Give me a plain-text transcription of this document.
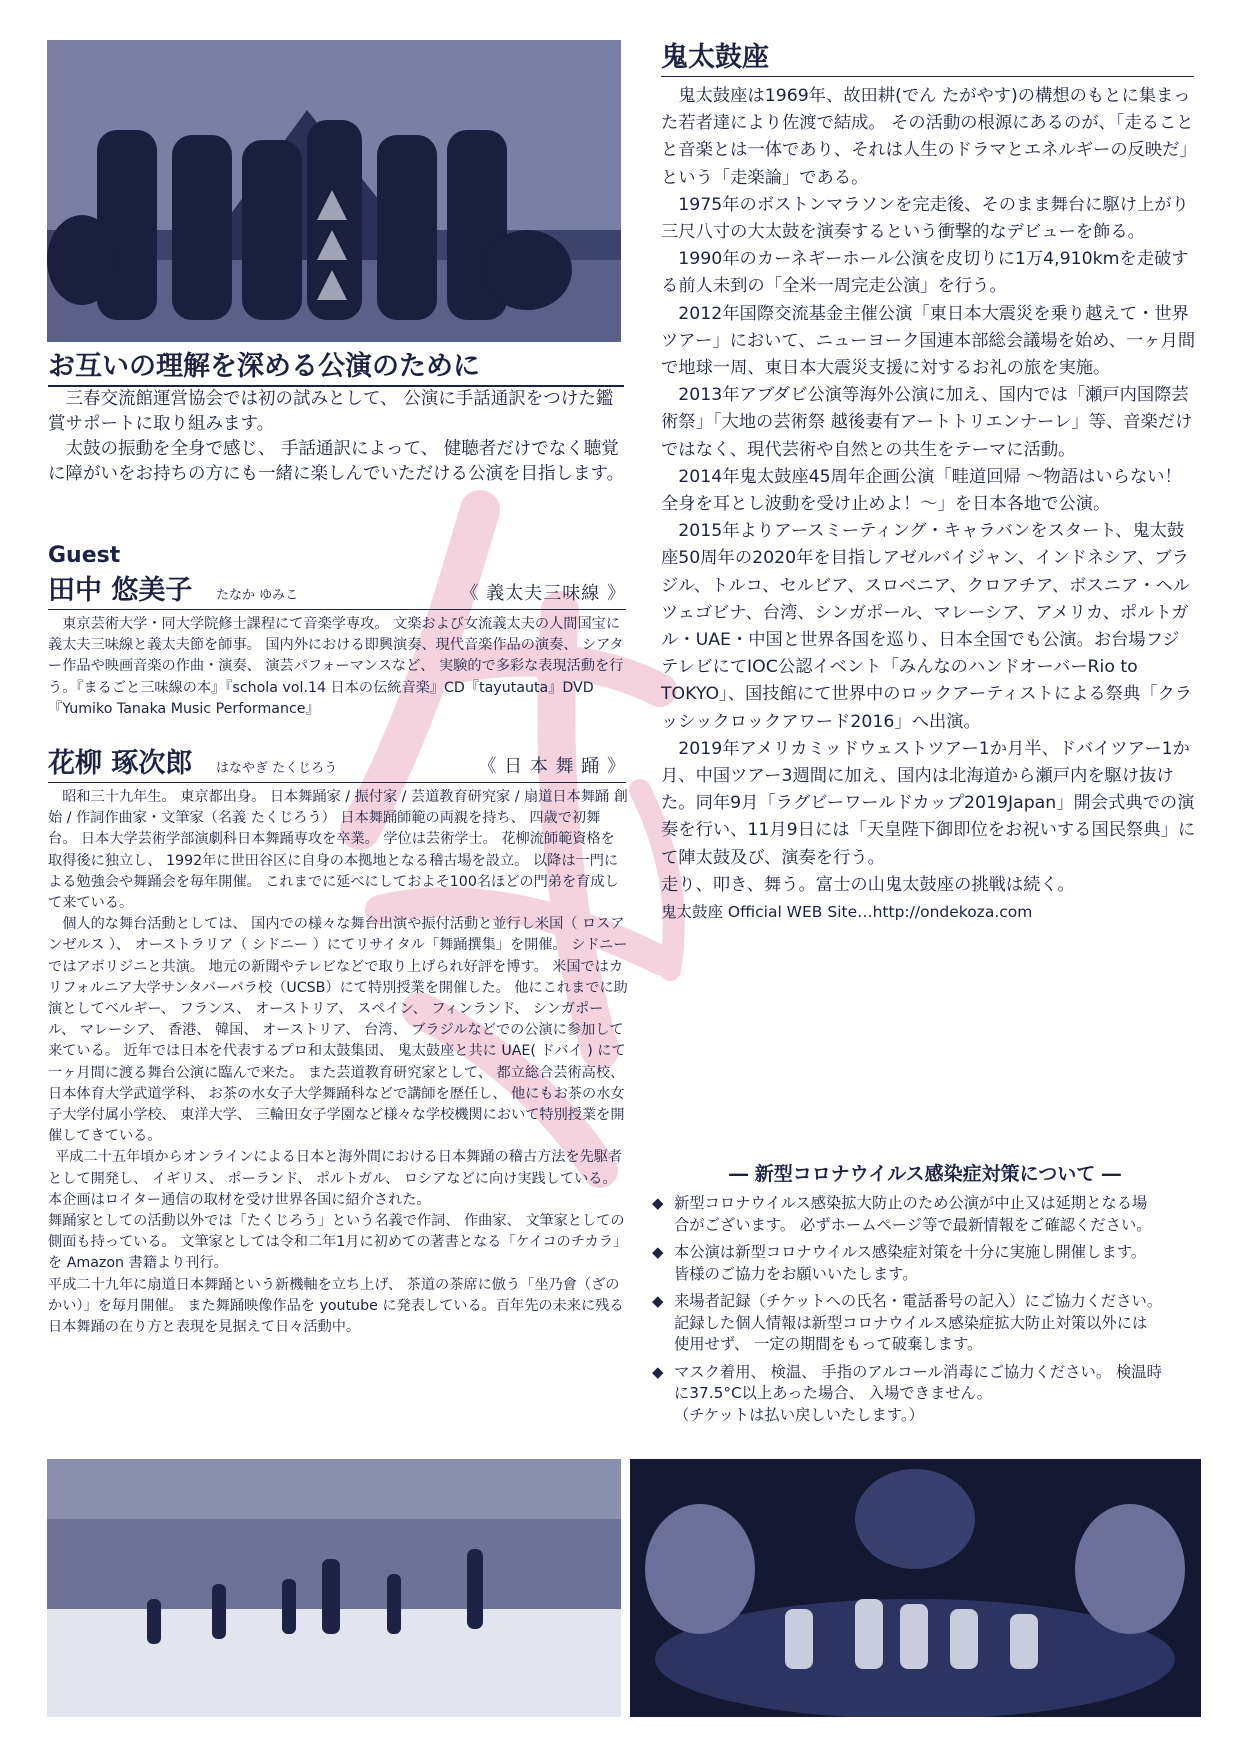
お互いの理解を深める公演のために

三春交流館運営協会では初の試みとして、 公演に手話通訳をつけた鑑賞サポートに取り組みます。

太鼓の振動を全身で感じ、 手話通訳によって、 健聴者だけでなく聴覚に障がいをお持ちの方にも一緒に楽しんでいただける公演を目指します。

Guest
田中 悠美子 たなか ゆみこ	《 義太夫三味線 》

東京芸術大学・同大学院修士課程にて音楽学専攻。 文楽および女流義太夫の人間国宝に義太夫三味線と義太夫節を師事。 国内外における即興演奏、現代音楽作品の演奏、 シアター作品や映画音楽の作曲・演奏、 演芸パフォーマンスなど、 実験的で多彩な表現活動を行う。『まるごと三味線の本』『schola vol.14 日本の伝統音楽』CD『tayutauta』DVD『Yumiko Tanaka Music Performance』

花柳 琢次郎 はなやぎ たくじろう	《 日 本 舞 踊 》

昭和三十九年生。 東京都出身。 日本舞踊家 / 振付家 / 芸道教育研究家 / 扇道日本舞踊 創始 / 作詞作曲家・文筆家（名義 たくじろう） 日本舞踊師範の両親を持ち、 四歳で初舞台。 日本大学芸術学部演劇科日本舞踊専攻を卒業。 学位は芸術学士。 花柳流師範資格を取得後に独立し、 1992年に世田谷区に自身の本拠地となる稽古場を設立。 以降は一門による勉強会や舞踊会を毎年開催。 これまでに延べにしておよそ100名ほどの門弟を育成して来ている。

個人的な舞台活動としては、 国内での様々な舞台出演や振付活動と並行し米国（ ロスアンゼルス ）、 オーストラリア（ シドニー ）にてリサイタル「舞踊撰集」を開催。 シドニーではアボリジニと共演。 地元の新聞やテレビなどで取り上げられ好評を博す。 米国ではカリフォルニア大学サンタバーバラ校（UCSB）にて特別授業を開催した。 他にこれまでに助演としてベルギー、 フランス、 オーストリア、 スペイン、 フィンランド、 シンガポール、 マレーシア、 香港、 韓国、 オーストリア、 台湾、 ブラジルなどでの公演に参加して来ている。 近年では日本を代表するプロ和太鼓集団、 鬼太鼓座と共に UAE( ドバイ ) にて一ヶ月間に渡る舞台公演に臨んで来た。 また芸道教育研究家として、 都立総合芸術高校、 日本体育大学武道学科、 お茶の水女子大学舞踊科などで講師を歴任し、 他にもお茶の水女子大学付属小学校、 東洋大学、 三輪田女子学園など様々な学校機関において特別授業を開催してきている。

平成二十五年頃からオンラインによる日本と海外間における日本舞踊の稽古方法を先駆者として開発し、 イギリス、 ポーランド、 ポルトガル、 ロシアなどに向け実践している。 本企画はロイター通信の取材を受け世界各国に紹介された。

舞踊家としての活動以外では「たくじろう」という名義で作詞、 作曲家、 文筆家としての側面も持っている。 文筆家としては令和二年1月に初めての著書となる「ケイコのチカラ」を Amazon 書籍より刊行。

平成二十九年に扇道日本舞踊という新機軸を立ち上げ、 茶道の茶席に倣う「坐乃會（ざのかい）」を毎月開催。 また舞踊映像作品を youtube に発表している。百年先の未来に残る日本舞踊の在り方と表現を見据えて日々活動中。

鬼太鼓座

鬼太鼓座は1969年、故田耕(でん たがやす)の構想のもとに集まった若者達により佐渡で結成。 その活動の根源にあるのが、「走ることと音楽とは一体であり、それは人生のドラマとエネルギーの反映だ」という「走楽論」である。

1975年のボストンマラソンを完走後、そのまま舞台に駆け上がり三尺八寸の大太鼓を演奏するという衝撃的なデビューを飾る。

1990年のカーネギーホール公演を皮切りに1万4,910kmを走破する前人未到の「全米一周完走公演」を行う。

2012年国際交流基金主催公演「東日本大震災を乗り越えて・世界ツアー」において、ニューヨーク国連本部総会議場を始め、一ヶ月間で地球一周、東日本大震災支援に対するお礼の旅を実施。

2013年アブダビ公演等海外公演に加え、国内では「瀬戸内国際芸術祭」「大地の芸術祭 越後妻有アートトリエンナーレ」等、音楽だけではなく、現代芸術や自然との共生をテーマに活動。

2014年鬼太鼓座45周年企画公演「畦道回帰 ～物語はいらない！全身を耳とし波動を受け止めよ！～」を日本各地で公演。

2015年よりアースミーティング・キャラバンをスタート、鬼太鼓座50周年の2020年を目指しアゼルバイジャン、インドネシア、ブラジル、トルコ、セルビア、スロベニア、クロアチア、ボスニア・ヘルツェゴビナ、台湾、シンガポール、マレーシア、アメリカ、ポルトガル・UAE・中国と世界各国を巡り、日本全国でも公演。お台場フジテレビにてIOC公認イベント「みんなのハンドオーバーRio to TOKYO」、国技館にて世界中のロックアーティストによる祭典「クラッシックロックアワード2016」へ出演。

2019年アメリカミッドウェストツアー1か月半、ドバイツアー1か月、中国ツアー3週間に加え、国内は北海道から瀬戸内を駆け抜けた。同年9月「ラグビーワールドカップ2019Japan」開会式典での演奏を行い、11月9日には「天皇陛下御即位をお祝いする国民祭典」にて陣太鼓及び、演奏を行う。

走り、叩き、舞う。富士の山鬼太鼓座の挑戦は続く。

鬼太鼓座 Official WEB Site…http://ondekoza.com

― 新型コロナウイルス感染症対策について ―
◆ 新型コロナウイルス感染拡大防止のため公演が中止又は延期となる場
合がございます。 必ずホームページ等で最新情報をご確認ください。
◆ 本公演は新型コロナウイルス感染症対策を十分に実施し開催します。
皆様のご協力をお願いいたします。
◆ 来場者記録（チケットへの氏名・電話番号の記入）にご協力ください。
記録した個人情報は新型コロナウイルス感染症拡大防止対策以外には
使用せず、 一定の期間をもって破棄します。
◆ マスク着用、 検温、 手指のアルコール消毒にご協力ください。 検温時
に37.5°C以上あった場合、 入場できません。
（チケットは払い戻しいたします。）
